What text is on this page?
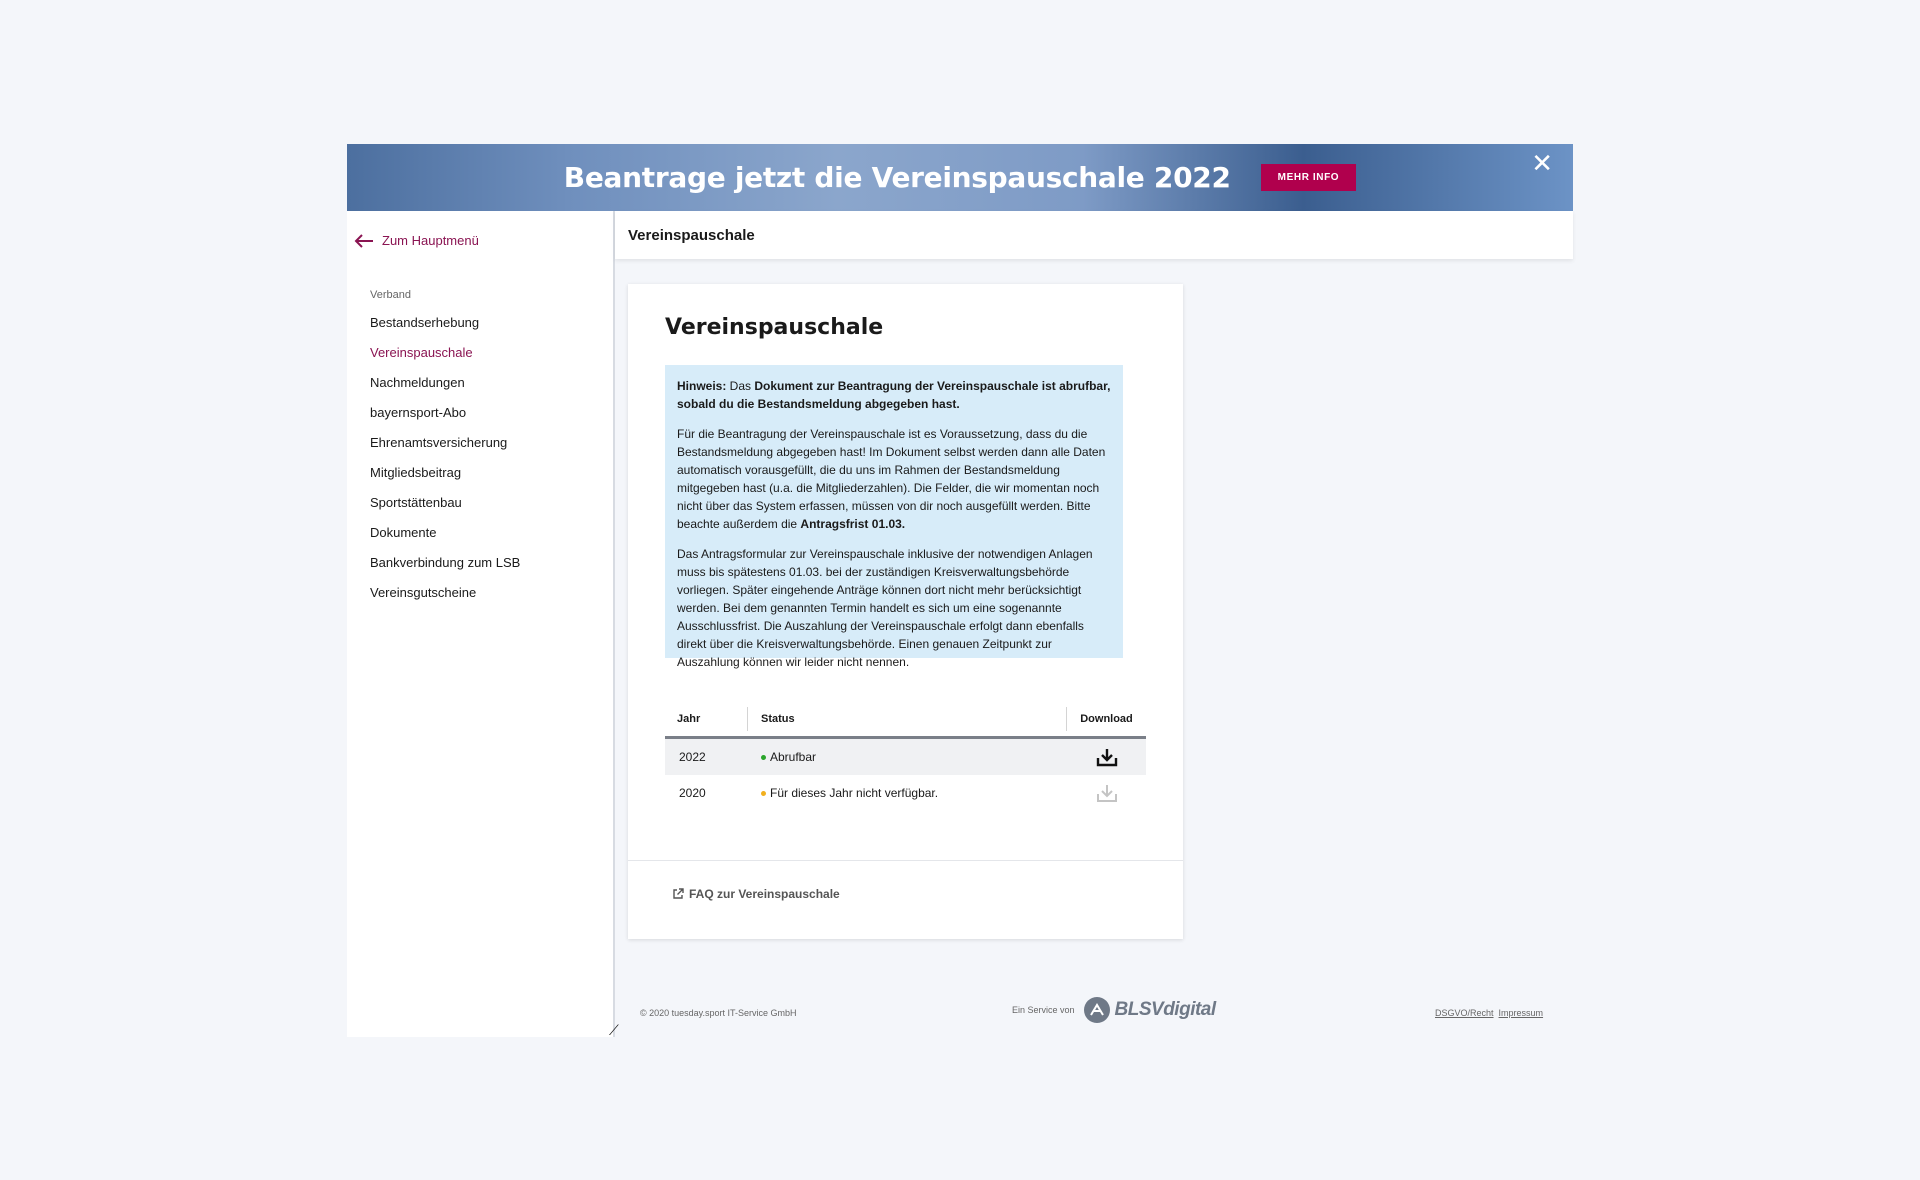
Beantrage jetzt die Vereinspauschale 2022	MEHR INFO	✕
Zum Hauptmenü
Verband
Bestandserhebung
Vereinspauschale
Nachmeldungen
bayernsport-Abo
Ehrenamtsversicherung
Mitgliedsbeitrag
Sportstättenbau
Dokumente
Bankverbindung zum LSB
Vereinsgutscheine
⟋
Vereinspauschale
Vereinspauschale

Hinweis: Das Dokument zur Beantragung der Vereinspauschale ist abrufbar, sobald du die Bestandsmeldung abgegeben hast.

Für die Beantragung der Vereinspauschale ist es Voraussetzung, dass du die Bestandsmeldung abgegeben hast! Im Dokument selbst werden dann alle Daten automatisch vorausgefüllt, die du uns im Rahmen der Bestandsmeldung mitgegeben hast (u.a. die Mitgliederzahlen). Die Felder, die wir momentan noch nicht über das System erfassen, müssen von dir noch ausgefüllt werden. Bitte beachte außerdem die Antragsfrist 01.03.

Das Antragsformular zur Vereinspauschale inklusive der notwendigen Anlagen muss bis spätestens 01.03. bei der zuständigen Kreisverwaltungsbehörde vorliegen. Später eingehende Anträge können dort nicht mehr berücksichtigt werden. Bei dem genannten Termin handelt es sich um eine sogenannte Ausschlussfrist. Die Auszahlung der Vereinspauschale erfolgt dann ebenfalls direkt über die Kreisverwaltungsbehörde. Einen genauen Zeitpunkt zur Auszahlung können wir leider nicht nennen.

Jahr	Status	Download
2022	Abrufbar
2020	Für dieses Jahr nicht verfügbar.
FAQ zur Vereinspauschale
© 2020 tuesday.sport IT-Service GmbH	Ein Service von BLSVdigital	DSGVO/Recht Impressum
